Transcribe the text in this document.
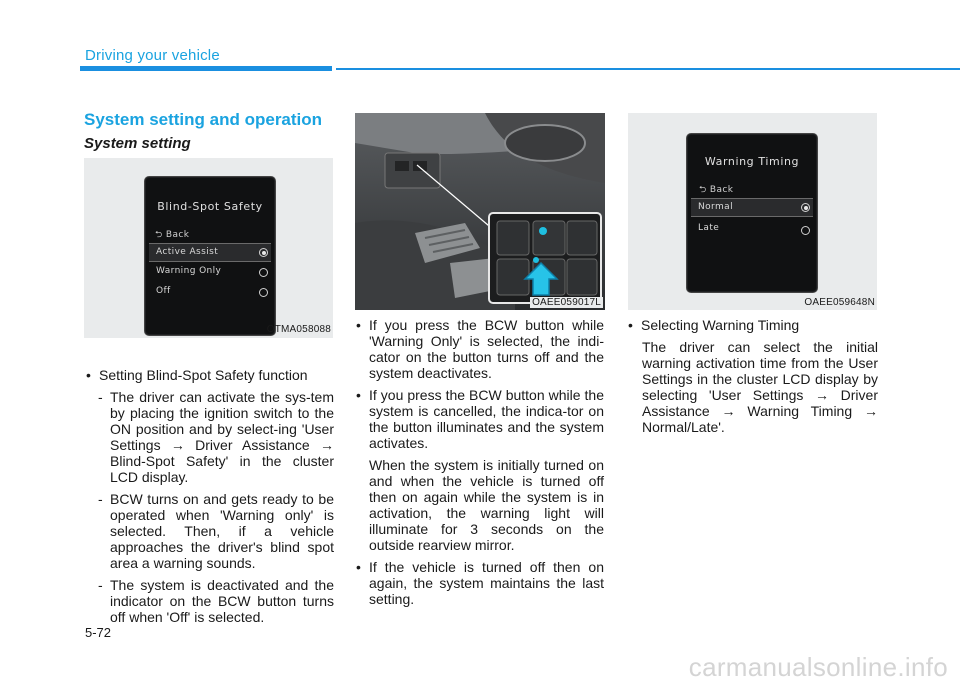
Driving your vehicle
System setting and operation
System setting
Blind-Spot Safety
⮌ Back
Active Assist
Warning Only
Off
OTMA058088
OAEE059017L
Warning Timing
⮌ Back
Normal
Late
OAEE059648N
• Setting Blind-Spot Safety function
- The driver can activate the sys-tem by placing the ignition switch to the ON position and by select-ing 'User Settings → Driver Assistance → Blind-Spot Safety' in the cluster LCD display.
- BCW turns on and gets ready to be operated when 'Warning only' is selected. Then, if a vehicle approaches the driver's blind spot area a warning sounds.
- The system is deactivated and the indicator on the BCW button turns off when 'Off' is selected.
• If you press the BCW button while 'Warning Only' is selected, the indi-cator on the button turns off and the system deactivates.
• If you press the BCW button while the system is cancelled, the indica-tor on the button illuminates and the system activates.
When the system is initially turned on and when the vehicle is turned off then on again while the system is in activation, the warning light will illuminate for 3 seconds on the outside rearview mirror.
• If the vehicle is turned off then on again, the system maintains the last setting.
• Selecting Warning Timing
The driver can select the initial warning activation time from the User Settings in the cluster LCD display by selecting 'User Settings → Driver Assistance → Warning Timing → Normal/Late'.
5-72
carmanualsonline.info
